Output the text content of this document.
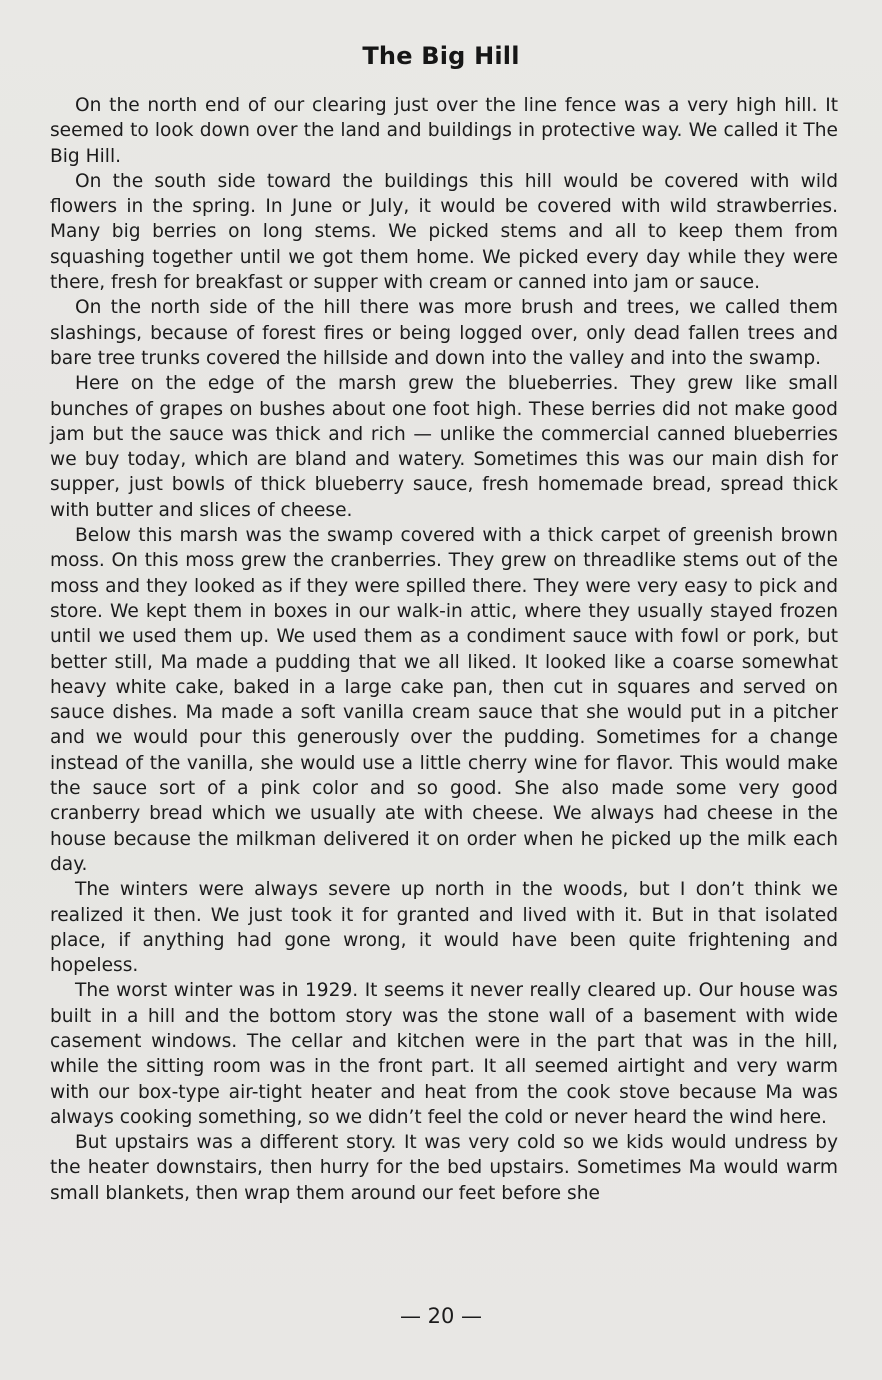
The Big Hill

On the north end of our clearing just over the line fence was a very high hill. It seemed to look down over the land and buildings in protective way. We called it The Big Hill.

On the south side toward the buildings this hill would be covered with wild flowers in the spring. In June or July, it would be covered with wild strawberries. Many big berries on long stems. We picked stems and all to keep them from squashing together until we got them home. We picked every day while they were there, fresh for breakfast or supper with cream or canned into jam or sauce.

On the north side of the hill there was more brush and trees, we called them slashings, because of forest fires or being logged over, only dead fallen trees and bare tree trunks covered the hillside and down into the valley and into the swamp.

Here on the edge of the marsh grew the blueberries. They grew like small bunches of grapes on bushes about one foot high. These berries did not make good jam but the sauce was thick and rich — unlike the commercial canned blueberries we buy today, which are bland and watery. Sometimes this was our main dish for supper, just bowls of thick blueberry sauce, fresh homemade bread, spread thick with butter and slices of cheese.

Below this marsh was the swamp covered with a thick carpet of greenish brown moss. On this moss grew the cranberries. They grew on threadlike stems out of the moss and they looked as if they were spilled there. They were very easy to pick and store. We kept them in boxes in our walk-in attic, where they usually stayed frozen until we used them up. We used them as a condiment sauce with fowl or pork, but better still, Ma made a pudding that we all liked. It looked like a coarse somewhat heavy white cake, baked in a large cake pan, then cut in squares and served on sauce dishes. Ma made a soft vanilla cream sauce that she would put in a pitcher and we would pour this generously over the pudding. Sometimes for a change instead of the vanilla, she would use a little cherry wine for flavor. This would make the sauce sort of a pink color and so good. She also made some very good cranberry bread which we usually ate with cheese. We always had cheese in the house because the milkman delivered it on order when he picked up the milk each day.

The winters were always severe up north in the woods, but I don’t think we realized it then. We just took it for granted and lived with it. But in that isolated place, if anything had gone wrong, it would have been quite frightening and hopeless.

The worst winter was in 1929. It seems it never really cleared up. Our house was built in a hill and the bottom story was the stone wall of a basement with wide casement windows. The cellar and kitchen were in the part that was in the hill, while the sitting room was in the front part. It all seemed airtight and very warm with our box-type air-tight heater and heat from the cook stove because Ma was always cooking something, so we didn’t feel the cold or never heard the wind here.

But upstairs was a different story. It was very cold so we kids would undress by the heater downstairs, then hurry for the bed upstairs. Sometimes Ma would warm small blankets, then wrap them around our feet before she

— 20 —
